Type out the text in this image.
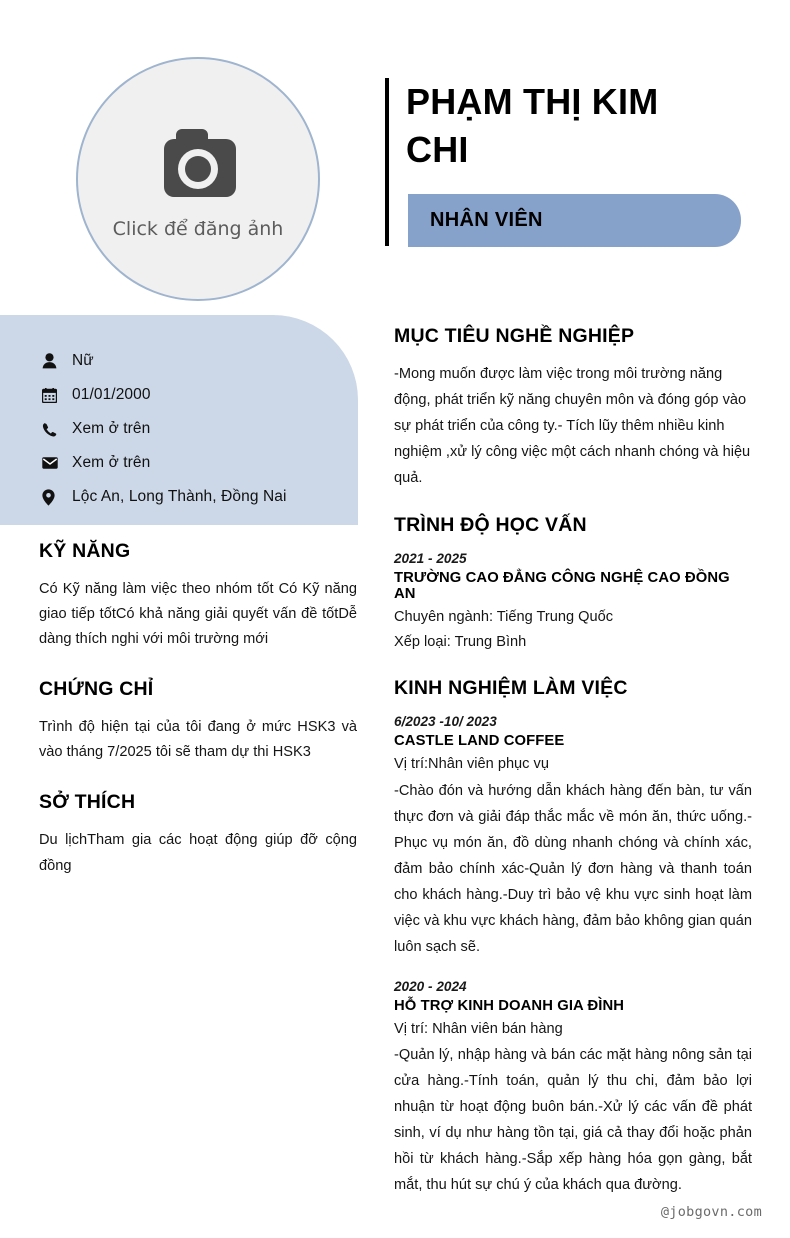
Click để đăng ảnh
Nữ
01/01/2000
Xem ở trên
Xem ở trên
Lộc An, Long Thành, Đồng Nai
KỸ NĂNG
Có Kỹ năng làm việc theo nhóm tốt Có Kỹ năng giao tiếp tốtCó khả năng giải quyết vấn đề tốtDễ dàng thích nghi với môi trường mới
CHỨNG CHỈ
Trình độ hiện tại của tôi đang ở mức HSK3 và vào tháng 7/2025 tôi sẽ tham dự thi HSK3
SỞ THÍCH
Du lịchTham gia các hoạt động giúp đỡ cộng đồng
PHẠM THỊ KIM CHI
NHÂN VIÊN
MỤC TIÊU NGHỀ NGHIỆP
-Mong muốn được làm việc trong môi trường năng động, phát triển kỹ năng chuyên môn và đóng góp vào sự phát triển của công ty.- Tích lũy thêm nhiều kinh nghiệm ,xử lý công việc một cách nhanh chóng và hiệu quả.
TRÌNH ĐỘ HỌC VẤN
2021 - 2025
TRƯỜNG CAO ĐẲNG CÔNG NGHỆ CAO ĐỒNG AN
Chuyên ngành: Tiếng Trung Quốc
Xếp loại: Trung Bình
KINH NGHIỆM LÀM VIỆC
6/2023 -10/ 2023
CASTLE LAND COFFEE
Vị trí:Nhân viên phục vụ
-Chào đón và hướng dẫn khách hàng đến bàn, tư vấn thực đơn và giải đáp thắc mắc về món ăn, thức uống.-Phục vụ món ăn, đồ dùng nhanh chóng và chính xác, đảm bảo chính xác-Quản lý đơn hàng và thanh toán cho khách hàng.-Duy trì bảo vệ khu vực sinh hoạt làm việc và khu vực khách hàng, đảm bảo không gian quán luôn sạch sẽ.
2020 - 2024
HỖ TRỢ KINH DOANH GIA ĐÌNH
Vị trí: Nhân viên bán hàng
-Quản lý, nhập hàng và bán các mặt hàng nông sản tại cửa hàng.-Tính toán, quản lý thu chi, đảm bảo lợi nhuận từ hoạt động buôn bán.-Xử lý các vấn đề phát sinh, ví dụ như hàng tồn tại, giá cả thay đổi hoặc phản hồi từ khách hàng.-Sắp xếp hàng hóa gọn gàng, bắt mắt, thu hút sự chú ý của khách qua đường.
@jobgovn.com
